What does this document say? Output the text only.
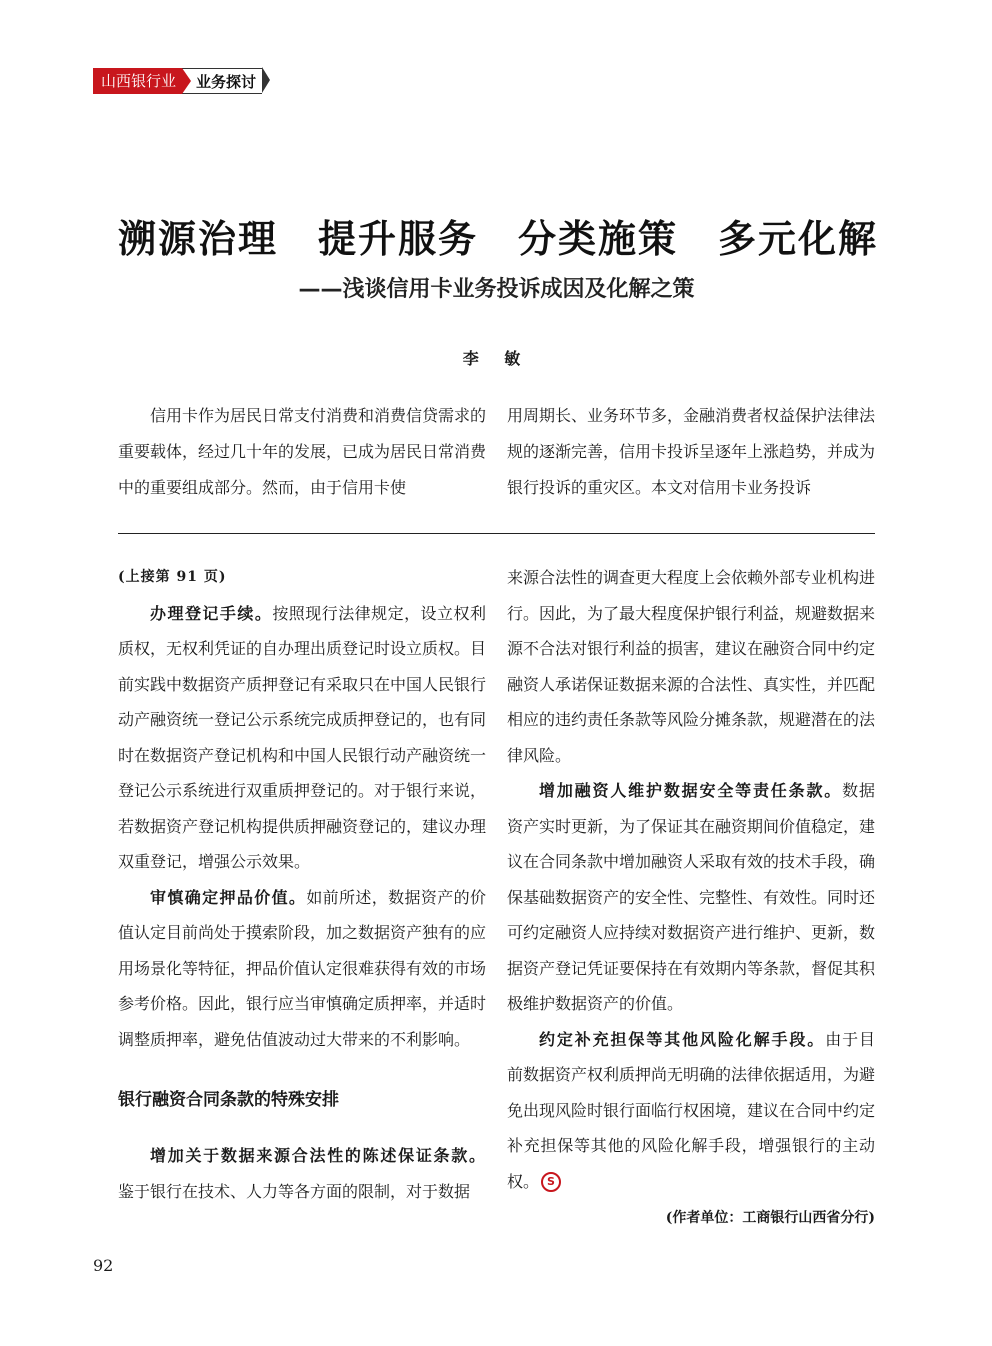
山西银行业	业务探讨
溯源治理　提升服务　分类施策　多元化解
——浅谈信用卡业务投诉成因及化解之策
李 敏

信用卡作为居民日常支付消费和消费信贷需求的重要载体，经过几十年的发展，已成为居民日常消费中的重要组成部分。然而，由于信用卡使

用周期长、业务环节多，金融消费者权益保护法律法规的逐渐完善，信用卡投诉呈逐年上涨趋势，并成为银行投诉的重灾区。本文对信用卡业务投诉

(上接第 91 页)

办理登记手续。按照现行法律规定，设立权利质权，无权利凭证的自办理出质登记时设立质权。目前实践中数据资产质押登记有采取只在中国人民银行动产融资统一登记公示系统完成质押登记的，也有同时在数据资产登记机构和中国人民银行动产融资统一登记公示系统进行双重质押登记的。对于银行来说，若数据资产登记机构提供质押融资登记的，建议办理双重登记，增强公示效果。

审慎确定押品价值。如前所述，数据资产的价值认定目前尚处于摸索阶段，加之数据资产独有的应用场景化等特征，押品价值认定很难获得有效的市场参考价格。因此，银行应当审慎确定质押率，并适时调整质押率，避免估值波动过大带来的不利影响。

银行融资合同条款的特殊安排

增加关于数据来源合法性的陈述保证条款。鉴于银行在技术、人力等各方面的限制，对于数据

来源合法性的调查更大程度上会依赖外部专业机构进行。因此，为了最大程度保护银行利益，规避数据来源不合法对银行利益的损害，建议在融资合同中约定融资人承诺保证数据来源的合法性、真实性，并匹配相应的违约责任条款等风险分摊条款，规避潜在的法律风险。

增加融资人维护数据安全等责任条款。数据资产实时更新，为了保证其在融资期间价值稳定，建议在合同条款中增加融资人采取有效的技术手段，确保基础数据资产的安全性、完整性、有效性。同时还可约定融资人应持续对数据资产进行维护、更新，数据资产登记凭证要保持在有效期内等条款，督促其积极维护数据资产的价值。

约定补充担保等其他风险化解手段。由于目前数据资产权利质押尚无明确的法律依据适用，为避免出现风险时银行面临行权困境，建议在合同中约定补充担保等其他的风险化解手段，增强银行的主动权。 S

(作者单位：工商银行山西省分行)

92
